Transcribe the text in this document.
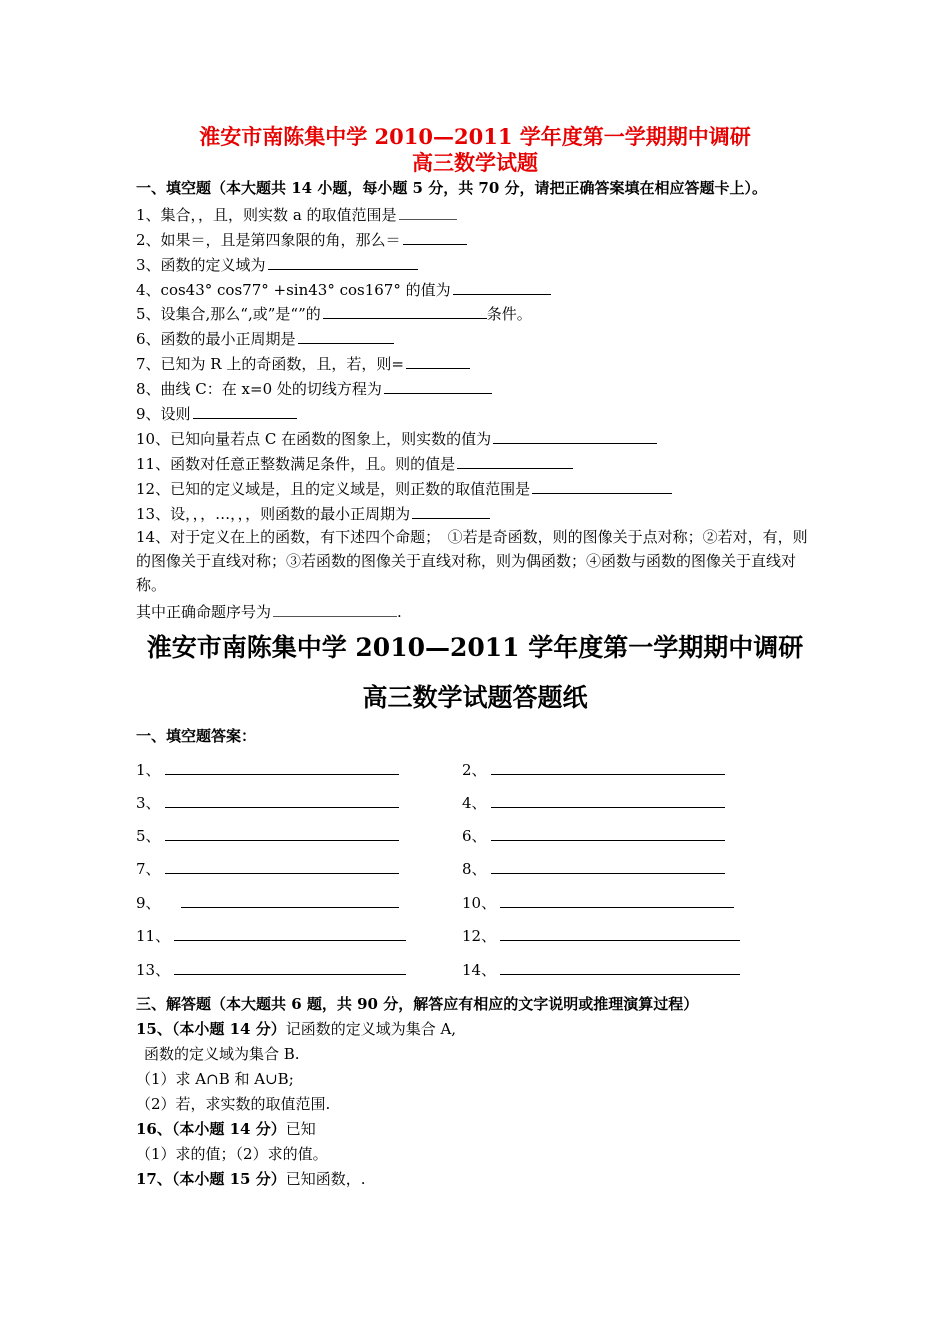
淮安市南陈集中学 2010—2011 学年度第一学期期中调研
高三数学试题
一、填空题（本大题共 14 小题，每小题 5 分，共 70 分，请把正确答案填在相应答题卡上）。
1、集合，，且，则实数 a 的取值范围是
2、如果＝，且是第四象限的角，那么＝
3、函数的定义域为
4、cos43° cos77° +sin43° cos167° 的值为
5、设集合,那么“,或”是“”的	条件。
6、函数的最小正周期是
7、已知为 R 上的奇函数，且，若，则=
8、曲线 C：在 x=0 处的切线方程为
9、设则
10、已知向量若点 C 在函数的图象上，则实数的值为
11、函数对任意正整数满足条件，且。则的值是
12、已知的定义域是，且的定义域是，则正数的取值范围是
13、设，，，…，，，则函数的最小正周期为
14、对于定义在上的函数，有下述四个命题；　①若是奇函数，则的图像关于点对称；②若对，有，则的图像关于直线对称；③若函数的图像关于直线对称，则为偶函数；④函数与函数的图像关于直线对称。
其中正确命题序号为	.
淮安市南陈集中学 2010—2011 学年度第一学期期中调研
高三数学试题答题纸
一、填空题答案：
1、	2、
3、	4、
5、	6、
7、	8、
9、	10、
11、	12、
13、	14、
三、解答题（本大题共 6 题，共 90 分，解答应有相应的文字说明或推理演算过程）
15、（本小题 14 分）记函数的定义域为集合 A,
函数的定义域为集合 B.
（1）求 A∩B 和 A∪B;
（2）若，求实数的取值范围.
16、（本小题 14 分）已知
（1）求的值；（2）求的值。
17、（本小题 15 分）已知函数，.
